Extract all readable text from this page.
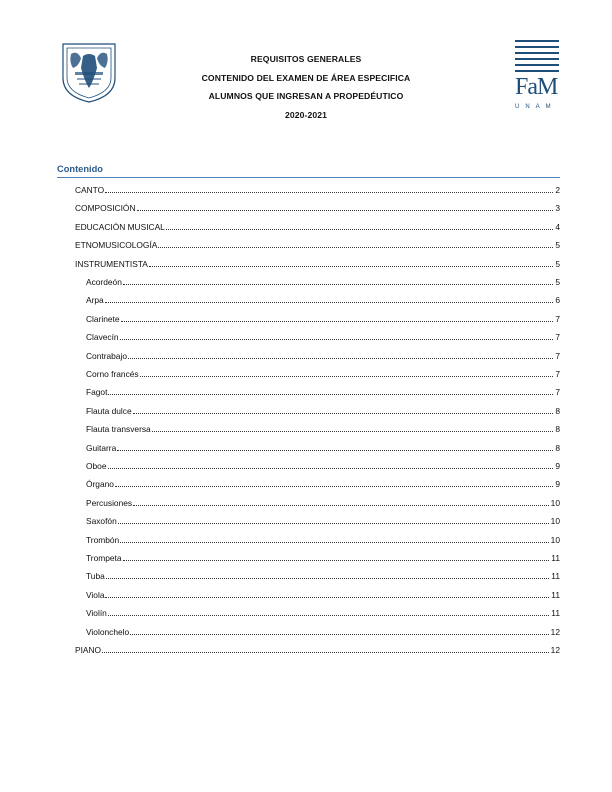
FaM
UNAM
REQUISITOS GENERALES
CONTENIDO DEL EXAMEN DE ÁREA ESPECIFICA
ALUMNOS QUE INGRESAN A PROPEDÉUTICO
2020-2021
Contenido
CANTO	2
COMPOSICIÓN	3
EDUCACIÓN MUSICAL	4
ETNOMUSICOLOGÍA	5
INSTRUMENTISTA	5
Acordeón	5
Arpa	6
Clarinete	7
Clavecín	7
Contrabajo	7
Corno francés	7
Fagot	7
Flauta dulce	8
Flauta transversa	8
Guitarra	8
Oboe	9
Órgano	9
Percusiones	10
Saxofón	10
Trombón	10
Trompeta	11
Tuba	11
Viola	11
Violín	11
Violonchelo	12
PIANO	12
